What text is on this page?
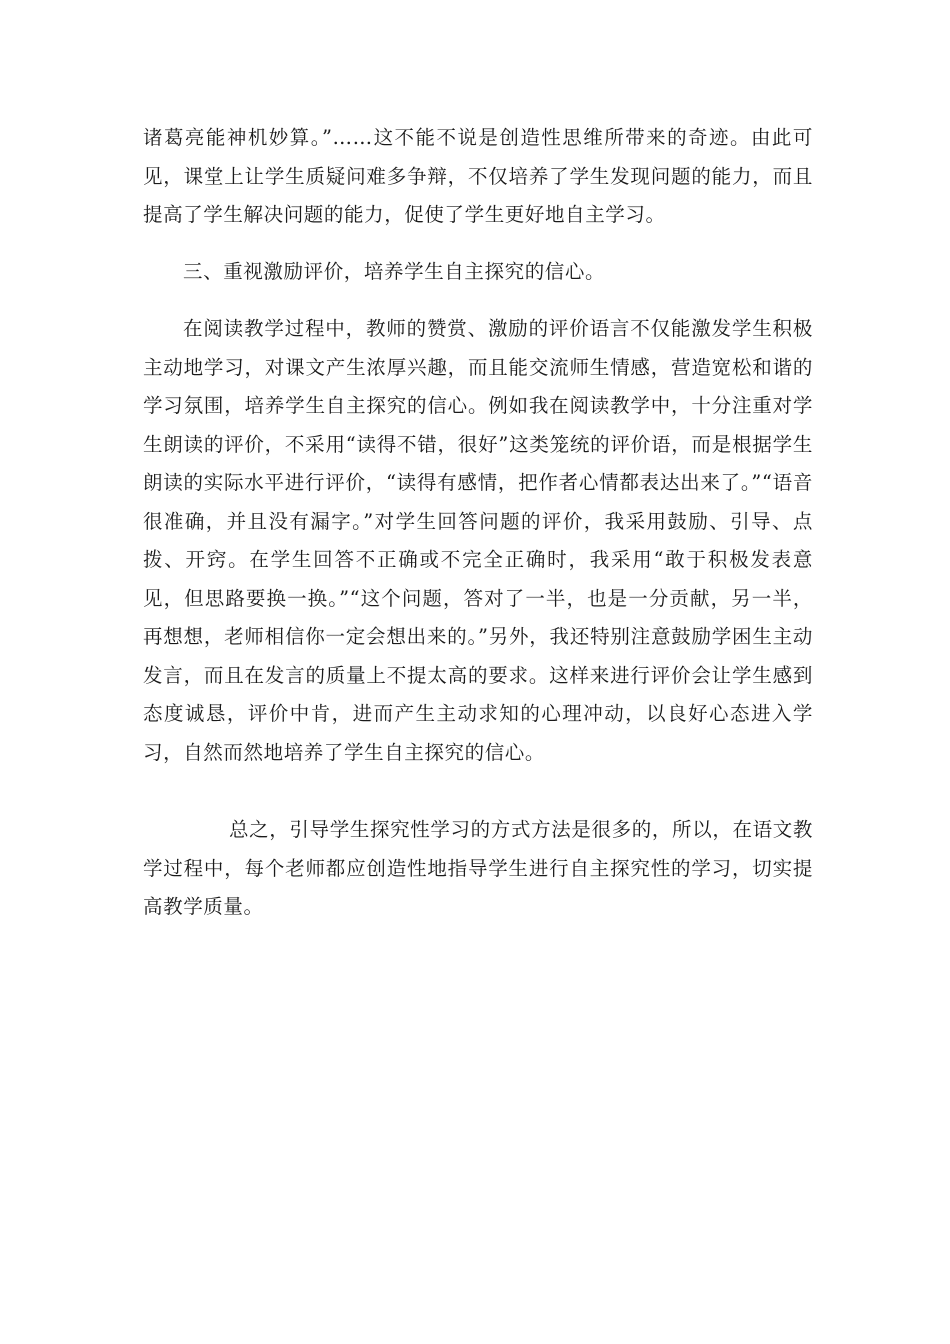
诸葛亮能神机妙算。”……这不能不说是创造性思维所带来的奇迹。由此可见，课堂上让学生质疑问难多争辩，不仅培养了学生发现问题的能力，而且提高了学生解决问题的能力，促使了学生更好地自主学习。

三、重视激励评价，培养学生自主探究的信心。

在阅读教学过程中，教师的赞赏、激励的评价语言不仅能激发学生积极主动地学习，对课文产生浓厚兴趣，而且能交流师生情感，营造宽松和谐的学习氛围，培养学生自主探究的信心。例如我在阅读教学中，十分注重对学生朗读的评价，不采用“读得不错，很好”这类笼统的评价语，而是根据学生朗读的实际水平进行评价，“读得有感情，把作者心情都表达出来了。”“语音很准确，并且没有漏字。”对学生回答问题的评价，我采用鼓励、引导、点拨、开窍。在学生回答不正确或不完全正确时，我采用“敢于积极发表意见，但思路要换一换。”“这个问题，答对了一半，也是一分贡献，另一半，再想想，老师相信你一定会想出来的。”另外，我还特别注意鼓励学困生主动发言，而且在发言的质量上不提太高的要求。这样来进行评价会让学生感到态度诚恳，评价中肯，进而产生主动求知的心理冲动，以良好心态进入学习，自然而然地培养了学生自主探究的信心。

总之，引导学生探究性学习的方式方法是很多的，所以，在语文教学过程中，每个老师都应创造性地指导学生进行自主探究性的学习，切实提高教学质量。
